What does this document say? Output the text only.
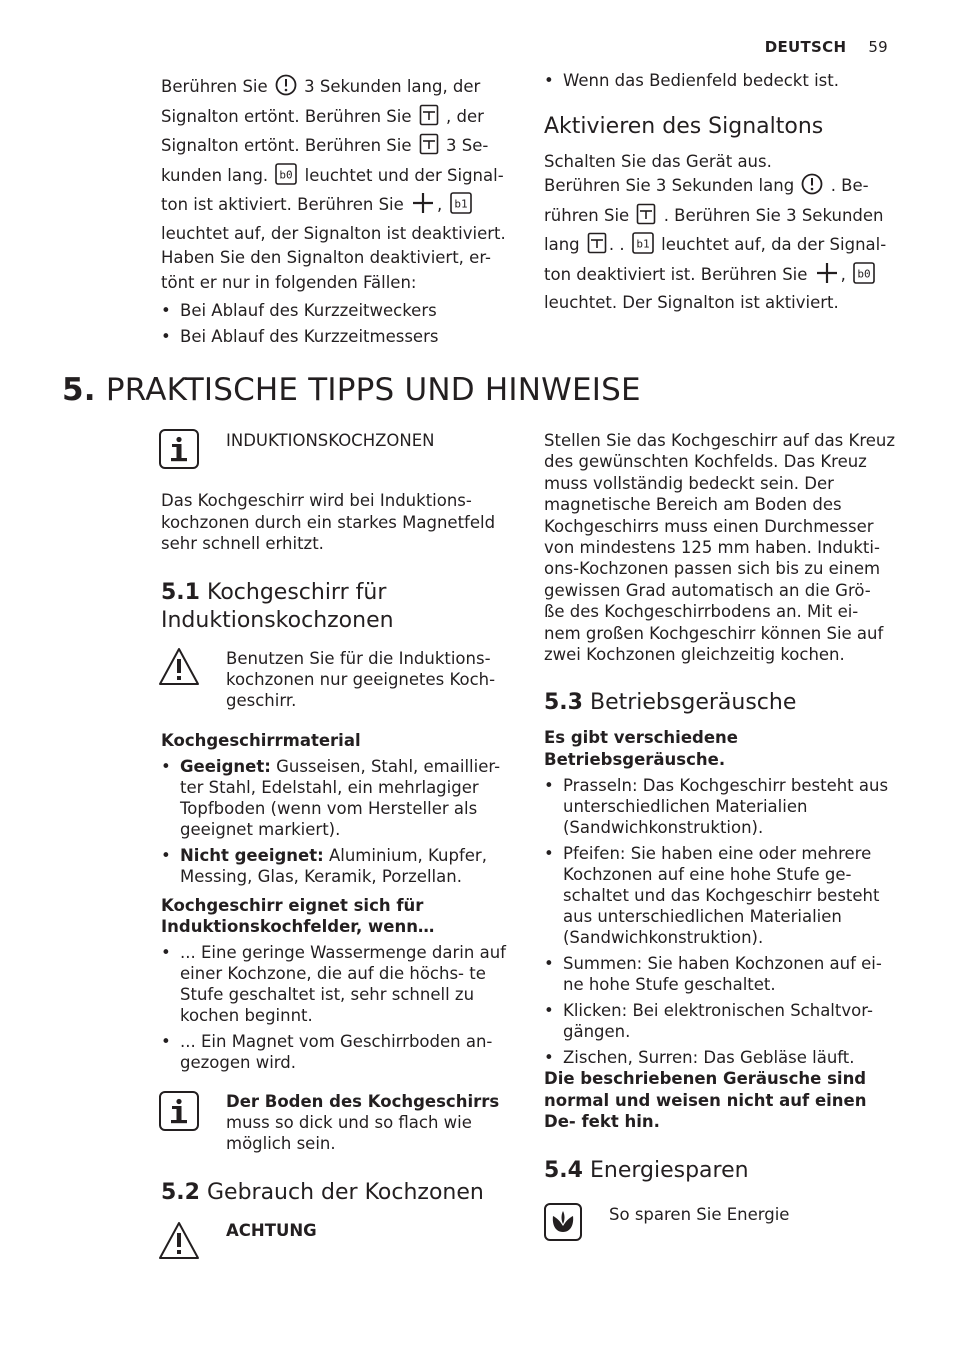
DEUTSCH 59

Berühren Sie 3 Sekunden lang, der Signalton ertönt. Berühren Sie , der Signalton ertönt. Berühren Sie 3 Se- kunden lang. b0 leuchtet und der Signal- ton ist aktiviert. Berühren Sie , b1
leuchtet auf, der Signalton ist deaktiviert. Haben Sie den Signalton deaktiviert, er- tönt er nur in folgenden Fällen:

• Bei Ablauf des Kurzzeitweckers
• Bei Ablauf des Kurzzeitmessers
• Wenn das Bedienfeld bedeckt ist.
Aktivieren des Signaltons

Schalten Sie das Gerät aus.

Berühren Sie 3 Sekunden lang . Be- rühren Sie . Berühren Sie 3 Sekunden lang . . b1 leuchtet auf, da der Signal- ton deaktiviert ist. Berühren Sie , b0
leuchtet. Der Signalton ist aktiviert.

5. PRAKTISCHE TIPPS UND HINWEISE
INDUKTIONSKOCHZONEN

Das Kochgeschirr wird bei Induktions- kochzonen durch ein starkes Magnetfeld sehr schnell erhitzt.

5.1 Kochgeschirr für Induktionskochzonen
Benutzen Sie für die Induktions- kochzonen nur geeignetes Koch- geschirr.

Kochgeschirrmaterial

• Geeignet: Gusseisen, Stahl, emaillier- ter Stahl, Edelstahl, ein mehrlagiger Topfboden (wenn vom Hersteller als geeignet markiert).
• Nicht geeignet: Aluminium, Kupfer, Messing, Glas, Keramik, Porzellan.

Kochgeschirr eignet sich für Induktionskochfelder, wenn…

• ... Eine geringe Wassermenge darin auf einer Kochzone, die auf die höchs- te Stufe geschaltet ist, sehr schnell zu kochen beginnt.
• ... Ein Magnet vom Geschirrboden an- gezogen wird.
Der Boden des Kochgeschirrs muss so dick und so flach wie möglich sein.
5.2 Gebrauch der Kochzonen
ACHTUNG

Stellen Sie das Kochgeschirr auf das Kreuz des gewünschten Kochfelds. Das Kreuz muss vollständig bedeckt sein. Der magnetische Bereich am Boden des Kochgeschirrs muss einen Durchmesser von mindestens 125 mm haben. Indukti- ons-Kochzonen passen sich bis zu einem gewissen Grad automatisch an die Grö- ße des Kochgeschirrbodens an. Mit ei- nem großen Kochgeschirr können Sie auf zwei Kochzonen gleichzeitig kochen.

5.3 Betriebsgeräusche

Es gibt verschiedene Betriebsgeräusche.

• Prasseln: Das Kochgeschirr besteht aus unterschiedlichen Materialien (Sandwichkonstruktion).
• Pfeifen: Sie haben eine oder mehrere Kochzonen auf eine hohe Stufe ge- schaltet und das Kochgeschirr besteht aus unterschiedlichen Materialien (Sandwichkonstruktion).
• Summen: Sie haben Kochzonen auf ei- ne hohe Stufe geschaltet.
• Klicken: Bei elektronischen Schaltvor- gängen.
• Zischen, Surren: Das Gebläse läuft.

Die beschriebenen Geräusche sind normal und weisen nicht auf einen De- fekt hin.

5.4 Energiesparen
So sparen Sie Energie
